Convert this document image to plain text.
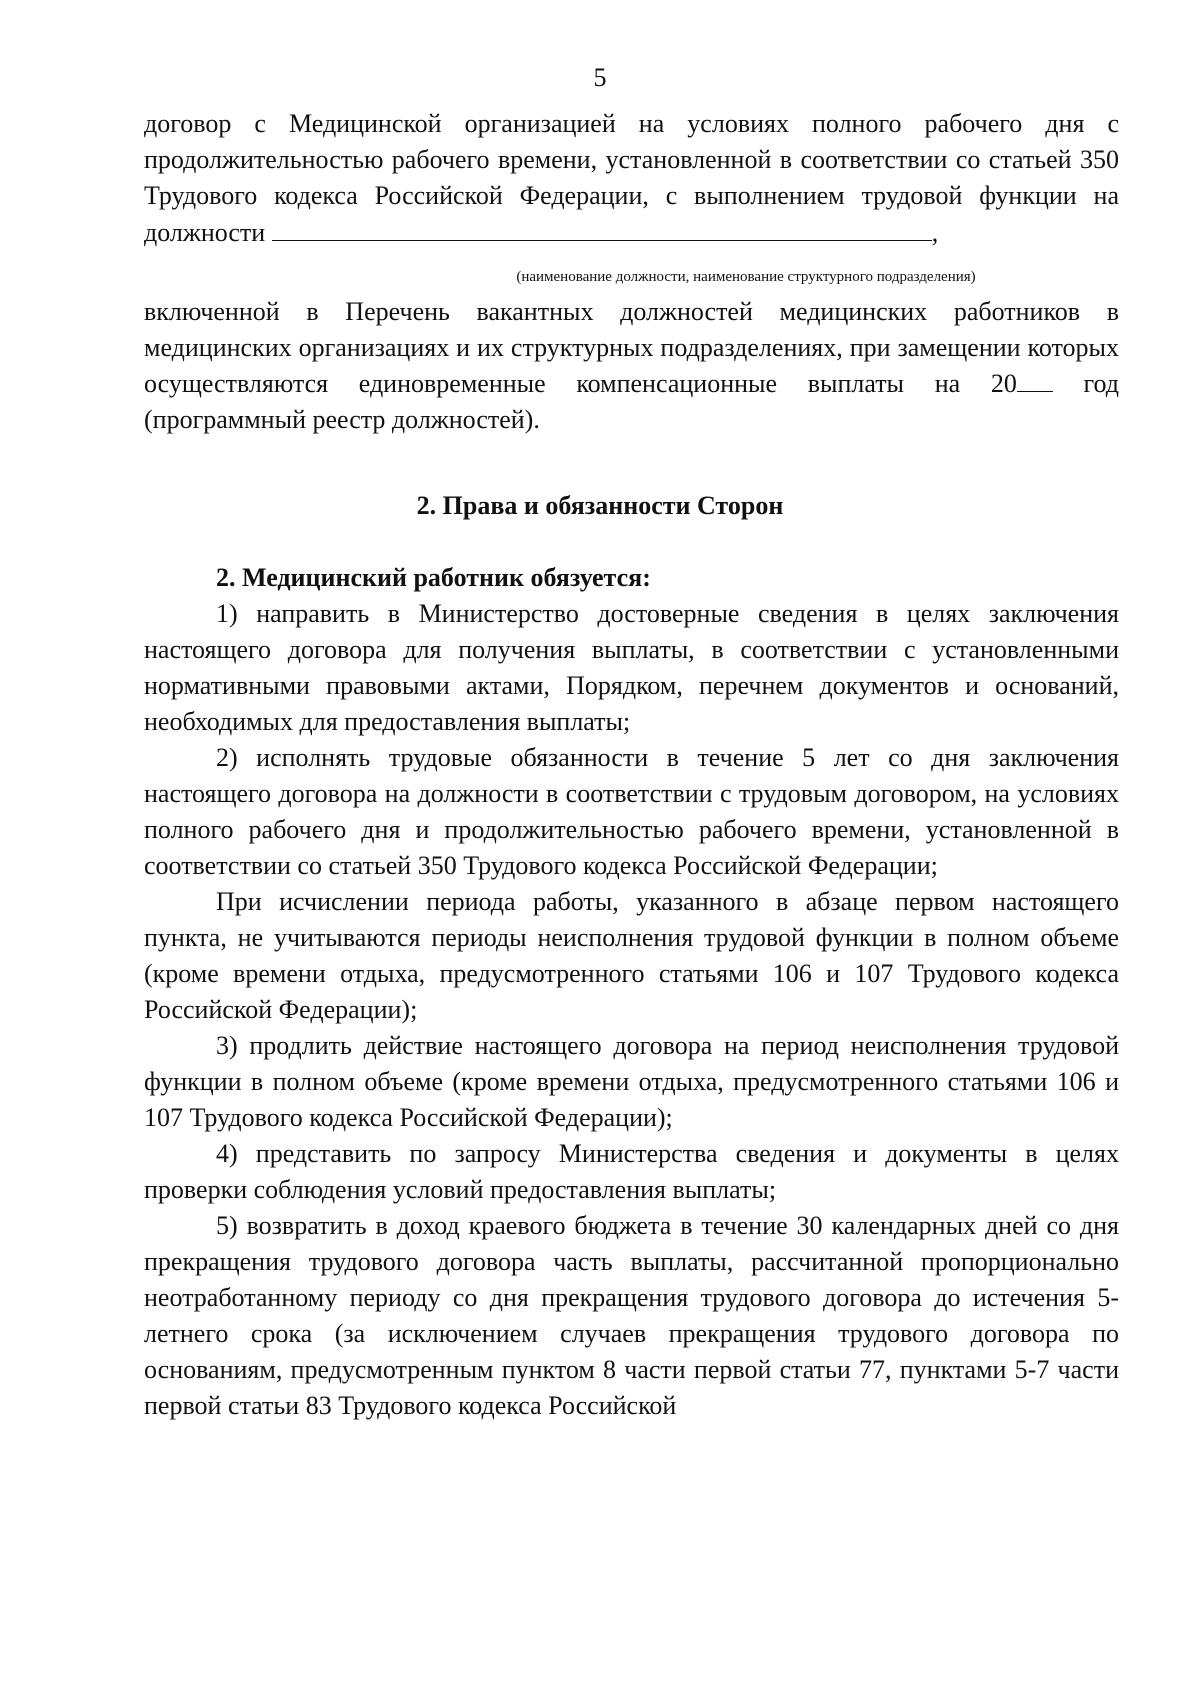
5

договор с Медицинской организацией на условиях полного рабочего дня с продолжительностью рабочего времени, установленной в соответствии со статьей 350 Трудового кодекса Российской Федерации, с выполнением трудовой функции на должности	,

(наименование должности, наименование структурного подразделения)

включенной в Перечень вакантных должностей медицинских работников в медицинских организациях и их структурных подразделениях, при замещении которых осуществляются единовременные компенсационные выплаты на 20	год (программный реестр должностей).

2. Права и обязанности Сторон

2. Медицинский работник обязуется:

1) направить в Министерство достоверные сведения в целях заключения настоящего договора для получения выплаты, в соответствии с установленными нормативными правовыми актами, Порядком, перечнем документов и оснований, необходимых для предоставления выплаты;

2) исполнять трудовые обязанности в течение 5 лет со дня заключения настоящего договора на должности в соответствии с трудовым договором, на условиях полного рабочего дня и продолжительностью рабочего времени, установленной в соответствии со статьей 350 Трудового кодекса Российской Федерации;

При исчислении периода работы, указанного в абзаце первом настоящего пункта, не учитываются периоды неисполнения трудовой функции в полном объеме (кроме времени отдыха, предусмотренного статьями 106 и 107 Трудового кодекса Российской Федерации);

3) продлить действие настоящего договора на период неисполнения трудовой функции в полном объеме (кроме времени отдыха, предусмотренного статьями 106 и 107 Трудового кодекса Российской Федерации);

4) представить по запросу Министерства сведения и документы в целях проверки соблюдения условий предоставления выплаты;

5) возвратить в доход краевого бюджета в течение 30 календарных дней со дня прекращения трудового договора часть выплаты, рассчитанной пропорционально неотработанному периоду со дня прекращения трудового договора до истечения 5-летнего срока (за исключением случаев прекращения трудового договора по основаниям, предусмотренным пунктом 8 части первой статьи 77, пунктами 5-7 части первой статьи 83 Трудового кодекса Российской
